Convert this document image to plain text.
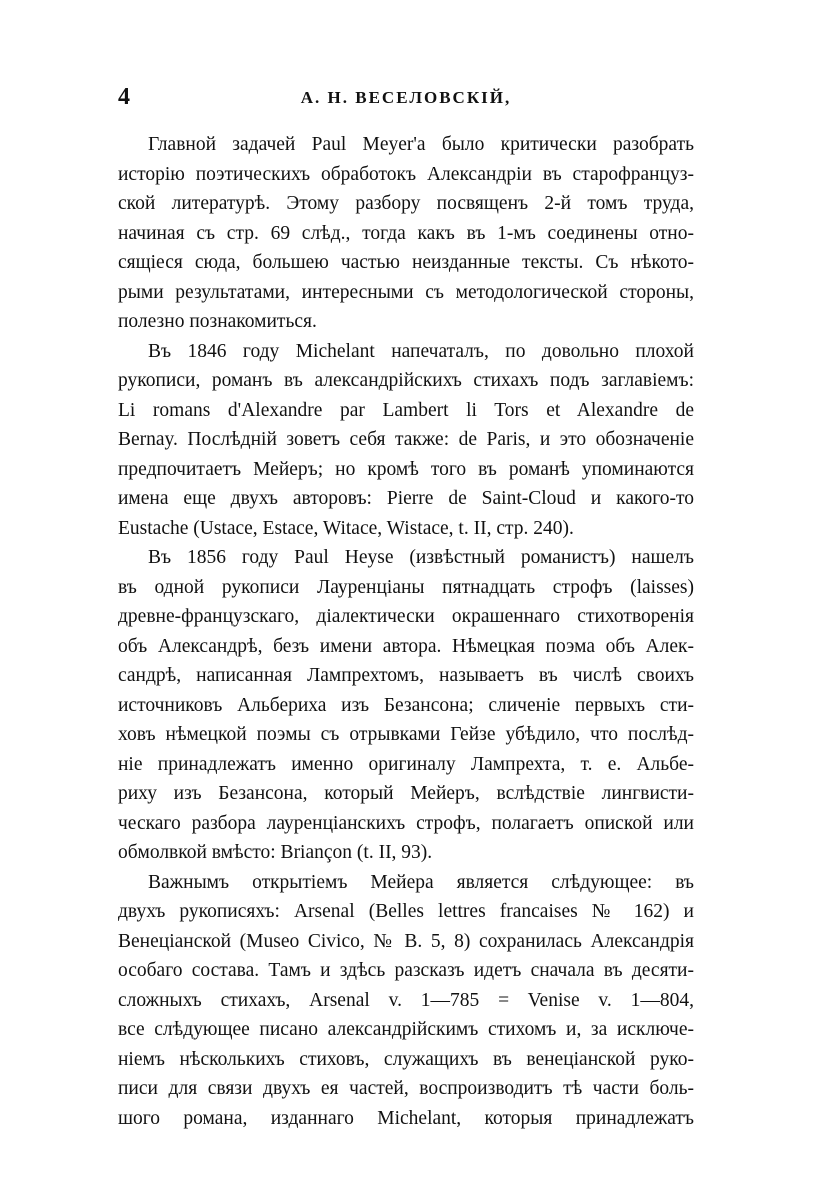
4	А. Н. ВЕСЕЛОВСКІЙ,
Главной задачей Paul Meyer'a было критически разобрать
исторію поэтическихъ обработокъ Александріи въ старофранцуз-
ской литературѣ. Этому разбору посвященъ 2-й томъ труда,
начиная съ стр. 69 слѣд., тогда какъ въ 1-мъ соединены отно-
сящіеся сюда, большею частью неизданные тексты. Съ нѣкото-
рыми результатами, интересными съ методологической стороны,
полезно познакомиться.
Въ 1846 году Michelant напечаталъ, по довольно плохой
рукописи, романъ въ александрійскихъ стихахъ подъ заглавіемъ:
Li romans d'Alexandre par Lambert li Tors et Alexandre de
Bernay. Послѣдній зоветъ себя также: de Paris, и это обозначеніе
предпочитаетъ Мейеръ; но кромѣ того въ романѣ упоминаются
имена еще двухъ авторовъ: Pierre de Saint-Cloud и какого-то
Eustache (Ustace, Estace, Witace, Wistace, t. II, стр. 240).
Въ 1856 году Paul Heyse (извѣстный романистъ) нашелъ
въ одной рукописи Лауренціаны пятнадцать строфъ (laisses)
древне-французскаго, діалектически окрашеннаго стихотворенія
объ Александрѣ, безъ имени автора. Нѣмецкая поэма объ Алек-
сандрѣ, написанная Лампрехтомъ, называетъ въ числѣ своихъ
источниковъ Альбериха изъ Безансона; сличеніе первыхъ сти-
ховъ нѣмецкой поэмы съ отрывками Гейзе убѣдило, что послѣд-
ніе принадлежатъ именно оригиналу Лампрехта, т. е. Альбе-
риху изъ Безансона, который Мейеръ, вслѣдствіе лингвисти-
ческаго разбора лауренціанскихъ строфъ, полагаетъ опиской или
обмолвкой вмѣсто: Briançon (t. II, 93).
Важнымъ открытіемъ Мейера является слѣдующее: въ
двухъ рукописяхъ: Arsenal (Belles lettres francaises № 162) и
Венеціанской (Museo Civico, № B. 5, 8) сохранилась Александрія
особаго состава. Тамъ и здѣсь разсказъ идетъ сначала въ десяти-
сложныхъ стихахъ, Arsenal v. 1—785 = Venise v. 1—804,
все слѣдующее писано александрійскимъ стихомъ и, за исключе-
ніемъ нѣсколькихъ стиховъ, служащихъ въ венеціанской руко-
писи для связи двухъ ея частей, воспроизводитъ тѣ части боль-
шого романа, изданнаго Michelant, которыя принадлежатъ
